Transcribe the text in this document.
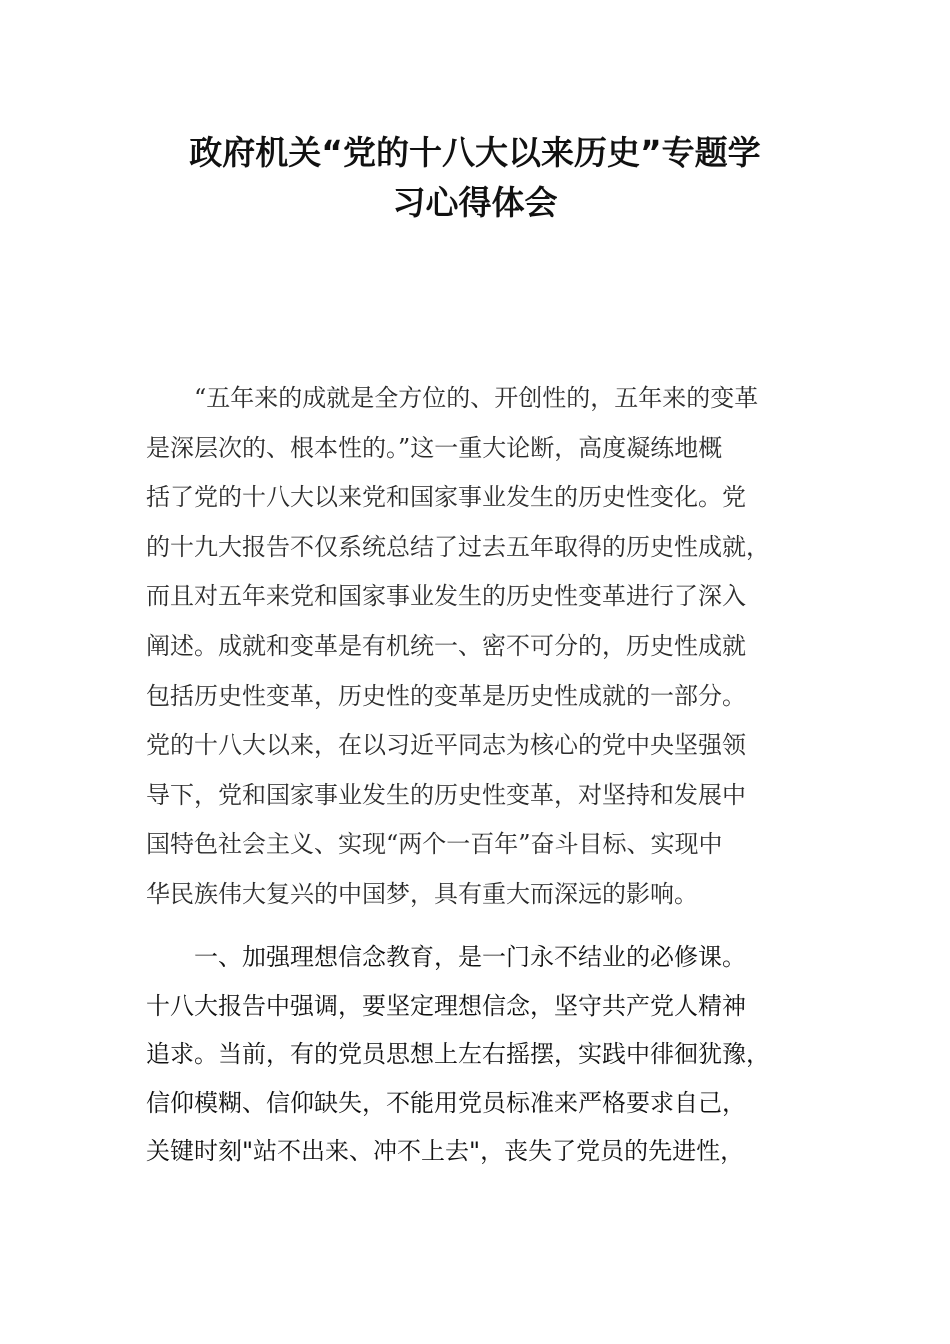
政府机关“党的十八大以来历史”专题学
习心得体会
“五年来的成就是全方位的、开创性的，五年来的变革
是深层次的、根本性的。”这一重大论断，高度凝练地概
括了党的十八大以来党和国家事业发生的历史性变化。党
的十九大报告不仅系统总结了过去五年取得的历史性成就，
而且对五年来党和国家事业发生的历史性变革进行了深入
阐述。成就和变革是有机统一、密不可分的，历史性成就
包括历史性变革，历史性的变革是历史性成就的一部分。
党的十八大以来，在以习近平同志为核心的党中央坚强领
导下，党和国家事业发生的历史性变革，对坚持和发展中
国特色社会主义、实现“两个一百年”奋斗目标、实现中
华民族伟大复兴的中国梦，具有重大而深远的影响。
一、加强理想信念教育，是一门永不结业的必修课。
十八大报告中强调，要坚定理想信念，坚守共产党人精神
追求。当前，有的党员思想上左右摇摆，实践中徘徊犹豫，
信仰模糊、信仰缺失，不能用党员标准来严格要求自己，
关键时刻"站不出来、冲不上去"，丧失了党员的先进性，
